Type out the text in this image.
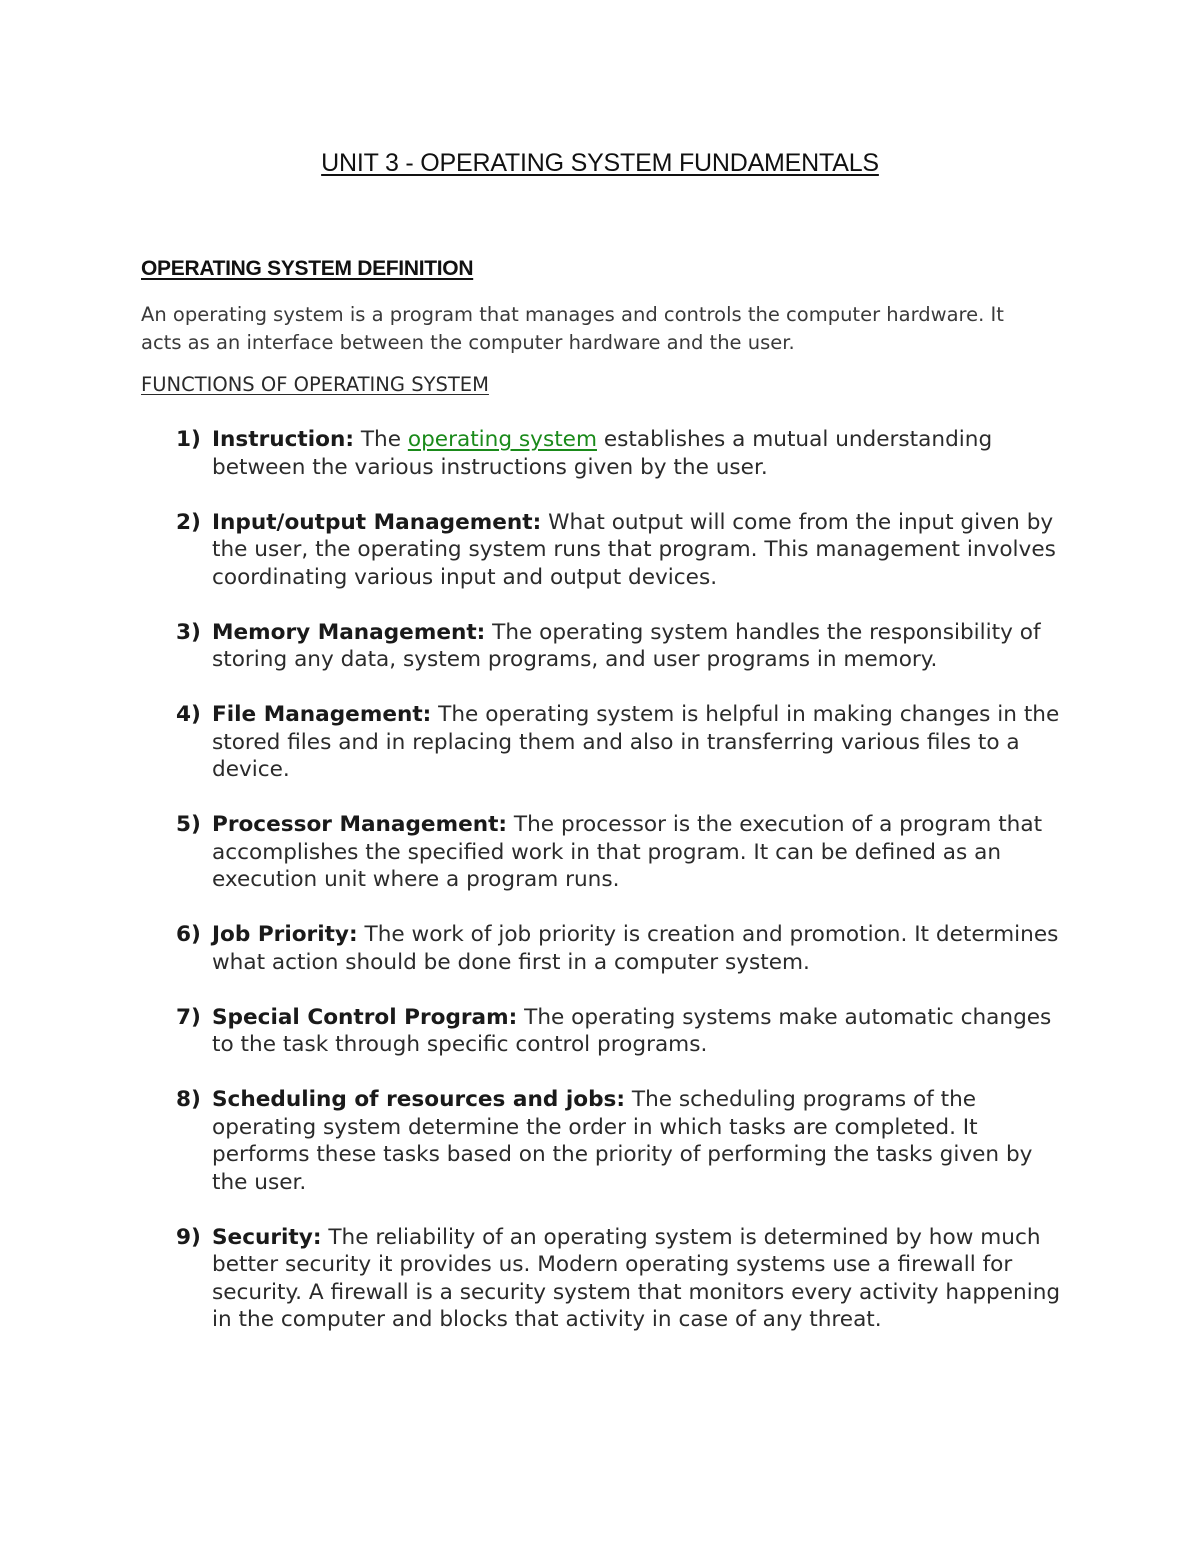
UNIT 3 - OPERATING SYSTEM FUNDAMENTALS
OPERATING SYSTEM DEFINITION

An operating system is a program that manages and controls the computer hardware. It acts as an interface between the computer hardware and the user.

FUNCTIONS OF OPERATING SYSTEM
1) Instruction: The operating system establishes a mutual understanding between the various instructions given by the user.
2) Input/output Management: What output will come from the input given by the user, the operating system runs that program. This management involves coordinating various input and output devices.
3) Memory Management: The operating system handles the responsibility of storing any data, system programs, and user programs in memory.
4) File Management: The operating system is helpful in making changes in the stored files and in replacing them and also in transferring various files to a device.
5) Processor Management: The processor is the execution of a program that accomplishes the specified work in that program. It can be defined as an execution unit where a program runs.
6) Job Priority: The work of job priority is creation and promotion. It determines what action should be done first in a computer system.
7) Special Control Program: The operating systems make automatic changes to the task through specific control programs.
8) Scheduling of resources and jobs: The scheduling programs of the operating system determine the order in which tasks are completed. It performs these tasks based on the priority of performing the tasks given by the user.
9) Security: The reliability of an operating system is determined by how much better security it provides us. Modern operating systems use a firewall for security. A firewall is a security system that monitors every activity happening in the computer and blocks that activity in case of any threat.
